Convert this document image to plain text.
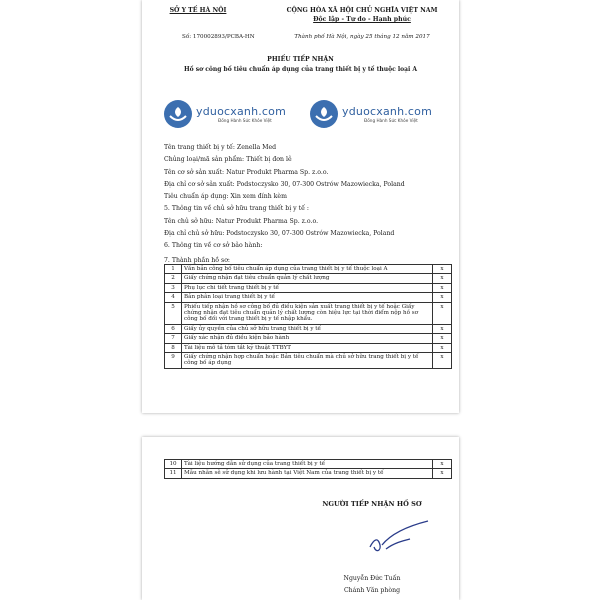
SỞ Y TẾ HÀ NỘI
Số: 170002893/PCBA-HN
CỘNG HÒA XÃ HỘI CHỦ NGHĨA VIỆT NAM
Độc lập - Tự do - Hạnh phúc
Thành phố Hà Nội, ngày 25 tháng 12 năm 2017
PHIẾU TIẾP NHẬN
Hồ sơ công bố tiêu chuẩn áp dụng của trang thiết bị y tế thuộc loại A
yduocxanh.com
Đồng Hành Sức Khỏe Việt
yduocxanh.com
Đồng Hành Sức Khỏe Việt
Tên trang thiết bị y tế: Zenella Med
Chủng loại/mã sản phẩm: Thiết bị đơn lẻ
Tên cơ sở sản xuất: Natur Produkt Pharma Sp. z.o.o.
Địa chỉ cơ sở sản xuất: Podstoczysko 30, 07-300 Ostrów Mazowiecka, Poland
Tiêu chuẩn áp dụng: Xin xem đính kèm
5. Thông tin về chủ sở hữu trang thiết bị y tế :
Tên chủ sở hữu: Natur Produkt Pharma Sp. z.o.o.
Địa chỉ chủ sở hữu: Podstoczysko 30, 07-300 Ostrów Mazowiecka, Poland
6. Thông tin về cơ sở bảo hành:
7. Thành phần hồ sơ:
1	Văn bản công bố tiêu chuẩn áp dụng của trang thiết bị y tế thuộc loại A	x
2	Giấy chứng nhận đạt tiêu chuẩn quản lý chất lượng	x
3	Phụ lục chi tiết trang thiết bị y tế	x
4	Bản phân loại trang thiết bị y tế	x
5	Phiếu tiếp nhận hồ sơ công bố đủ điều kiện sản xuất trang thiết bị y tế hoặc Giấy chứng nhận đạt tiêu chuẩn quản lý chất lượng còn hiệu lực tại thời điểm nộp hồ sơ công bố đối với trang thiết bị y tế nhập khẩu.	x
6	Giấy ủy quyền của chủ sở hữu trang thiết bị y tế	x
7	Giấy xác nhận đủ điều kiện bảo hành	x
8	Tài liệu mô tả tóm tắt kỹ thuật TTBYT	x
9	Giấy chứng nhận hợp chuẩn hoặc Bản tiêu chuẩn mà chủ sở hữu trang thiết bị y tế công bố áp dụng	x
10	Tài liệu hướng dẫn sử dụng của trang thiết bị y tế	x
11	Mẫu nhãn sẽ sử dụng khi lưu hành tại Việt Nam của trang thiết bị y tế	x
NGƯỜI TIẾP NHẬN HỒ SƠ
Nguyễn Đức Tuấn
Chánh Văn phòng
